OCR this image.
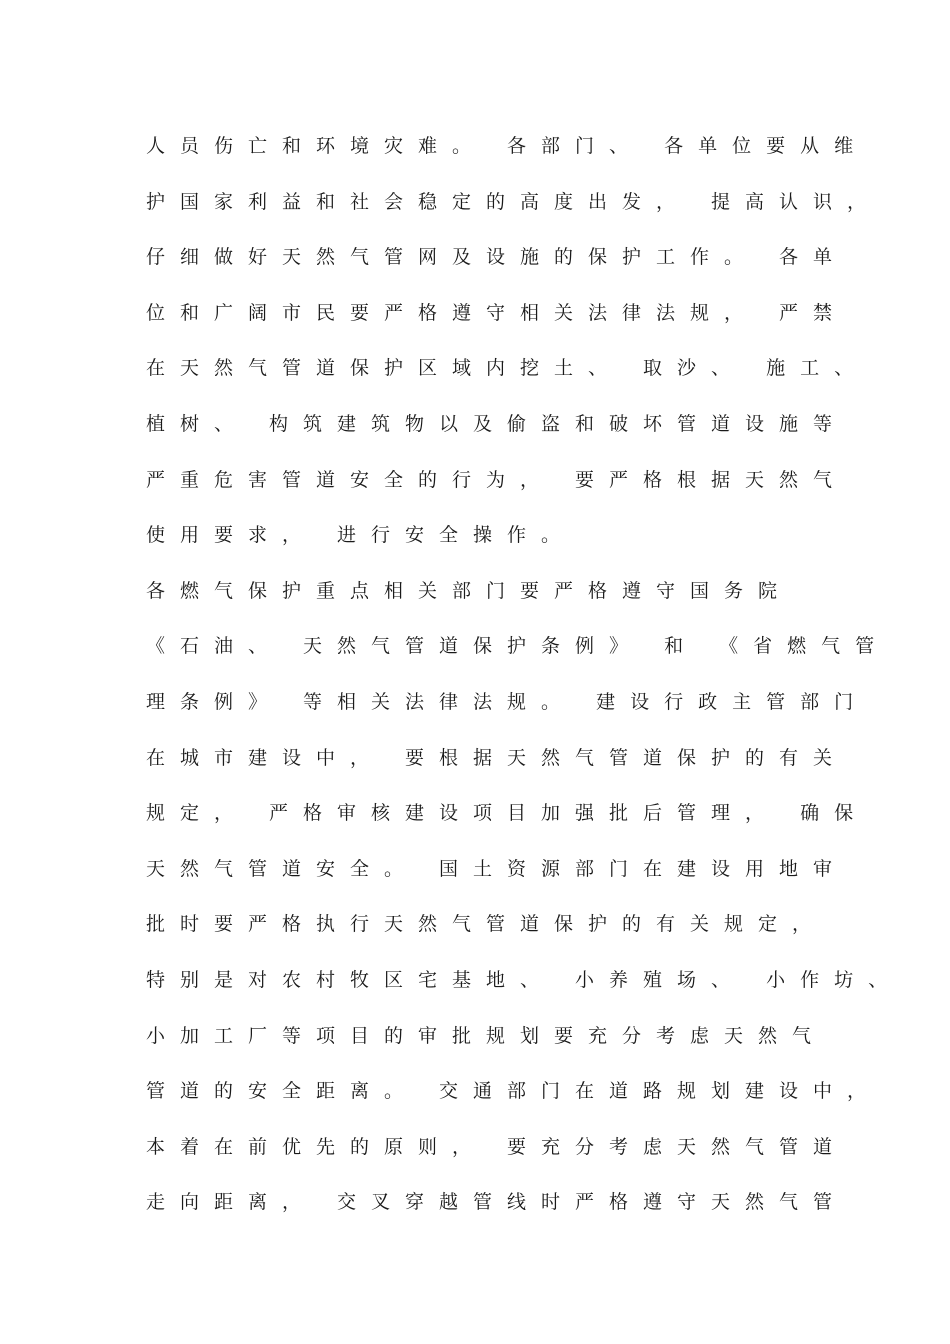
人员伤亡和环境灾难。 各部门、 各单位要从维
护国家利益和社会稳定的高度出发， 提高认识，
仔细做好天然气管网及设施的保护工作。 各单
位和广阔市民要严格遵守相关法律法规， 严禁
在天然气管道保护区域内挖土、 取沙、 施工、
植树、 构筑建筑物以及偷盗和破坏管道设施等
严重危害管道安全的行为， 要严格根据天然气
使用要求， 进行安全操作。
各燃气保护重点相关部门要严格遵守国务院
《石油、 天然气管道保护条例》 和 《省燃气管
理条例》 等相关法律法规。 建设行政主管部门
在城市建设中， 要根据天然气管道保护的有关
规定， 严格审核建设项目加强批后管理， 确保
天然气管道安全。 国土资源部门在建设用地审
批时要严格执行天然气管道保护的有关规定，
特别是对农村牧区宅基地、 小养殖场、 小作坊、
小加工厂等项目的审批规划要充分考虑天然气
管道的安全距离。 交通部门在道路规划建设中，
本着在前优先的原则， 要充分考虑天然气管道
走向距离， 交叉穿越管线时严格遵守天然气管
